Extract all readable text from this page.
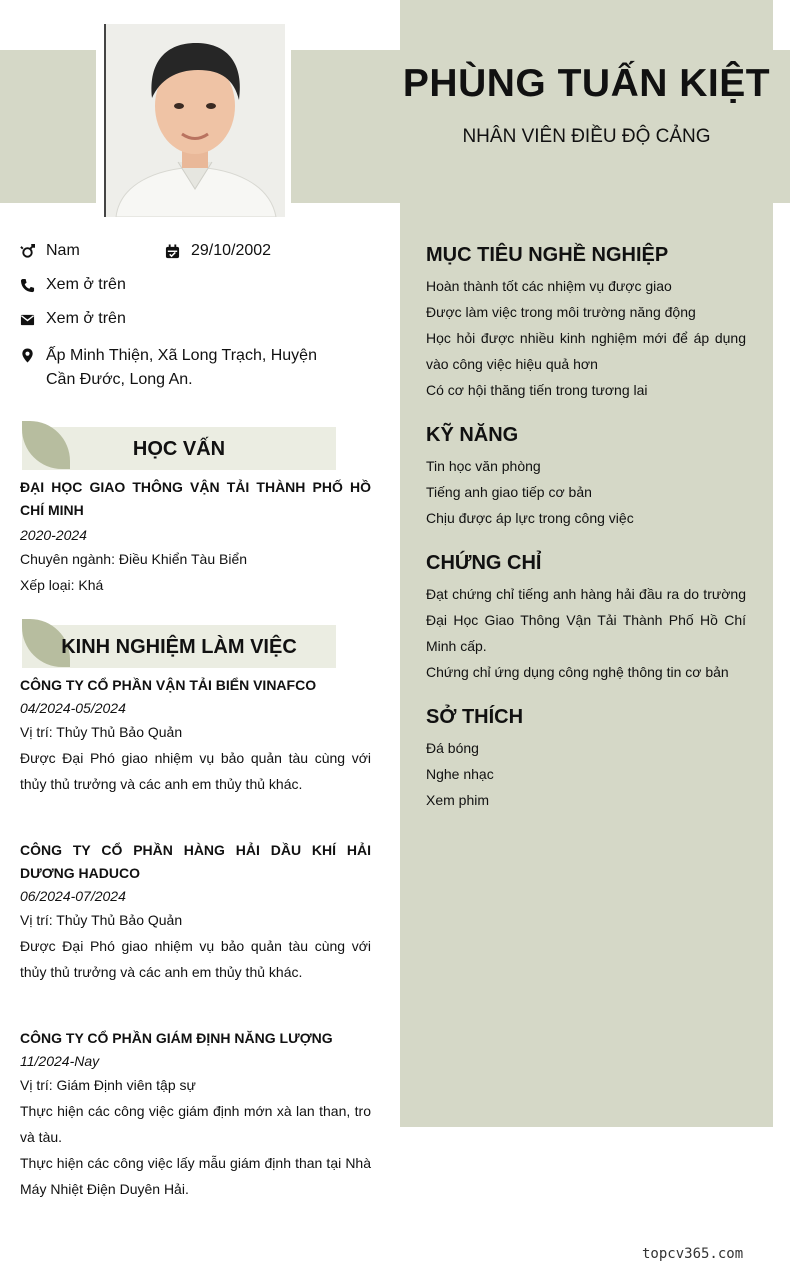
PHÙNG TUẤN KIỆT
NHÂN VIÊN ĐIỀU ĐỘ CẢNG
Nam	29/10/2002
Xem ở trên
Xem ở trên
Ấp Minh Thiện, Xã Long Trạch, Huyện Cần Đước, Long An.
HỌC VẤN
ĐẠI HỌC GIAO THÔNG VẬN TẢI THÀNH PHỐ HỒ CHÍ MINH
2020-2024
Chuyên ngành: Điều Khiển Tàu Biển
Xếp loại: Khá
KINH NGHIỆM LÀM VIỆC
CÔNG TY CỔ PHẦN VẬN TẢI BIỂN VINAFCO
04/2024-05/2024
Vị trí: Thủy Thủ Bảo Quản
Được Đại Phó giao nhiệm vụ bảo quản tàu cùng với thủy thủ trưởng và các anh em thủy thủ khác.
CÔNG TY CỔ PHẦN HÀNG HẢI DẦU KHÍ HẢI DƯƠNG HADUCO
06/2024-07/2024
Vị trí: Thủy Thủ Bảo Quản
Được Đại Phó giao nhiệm vụ bảo quản tàu cùng với thủy thủ trưởng và các anh em thủy thủ khác.
CÔNG TY CỔ PHẦN GIÁM ĐỊNH NĂNG LƯỢNG
11/2024-Nay
Vị trí: Giám Định viên tập sự
Thực hiện các công việc giám định mớn xà lan than, tro và tàu.
Thực hiện các công việc lấy mẫu giám định than tại Nhà Máy Nhiệt Điện Duyên Hải.
MỤC TIÊU NGHỀ NGHIỆP
Hoàn thành tốt các nhiệm vụ được giao
Được làm việc trong môi trường năng động
Học hỏi được nhiều kinh nghiệm mới để áp dụng vào công việc hiệu quả hơn
Có cơ hội thăng tiến trong tương lai
KỸ NĂNG
Tin học văn phòng
Tiếng anh giao tiếp cơ bản
Chịu được áp lực trong công việc
CHỨNG CHỈ
Đạt chứng chỉ tiếng anh hàng hải đầu ra do trường Đại Học Giao Thông Vận Tải Thành Phố Hồ Chí Minh cấp.
Chứng chỉ ứng dụng công nghệ thông tin cơ bản
SỞ THÍCH
Đá bóng
Nghe nhạc
Xem phim
topcv365.com
